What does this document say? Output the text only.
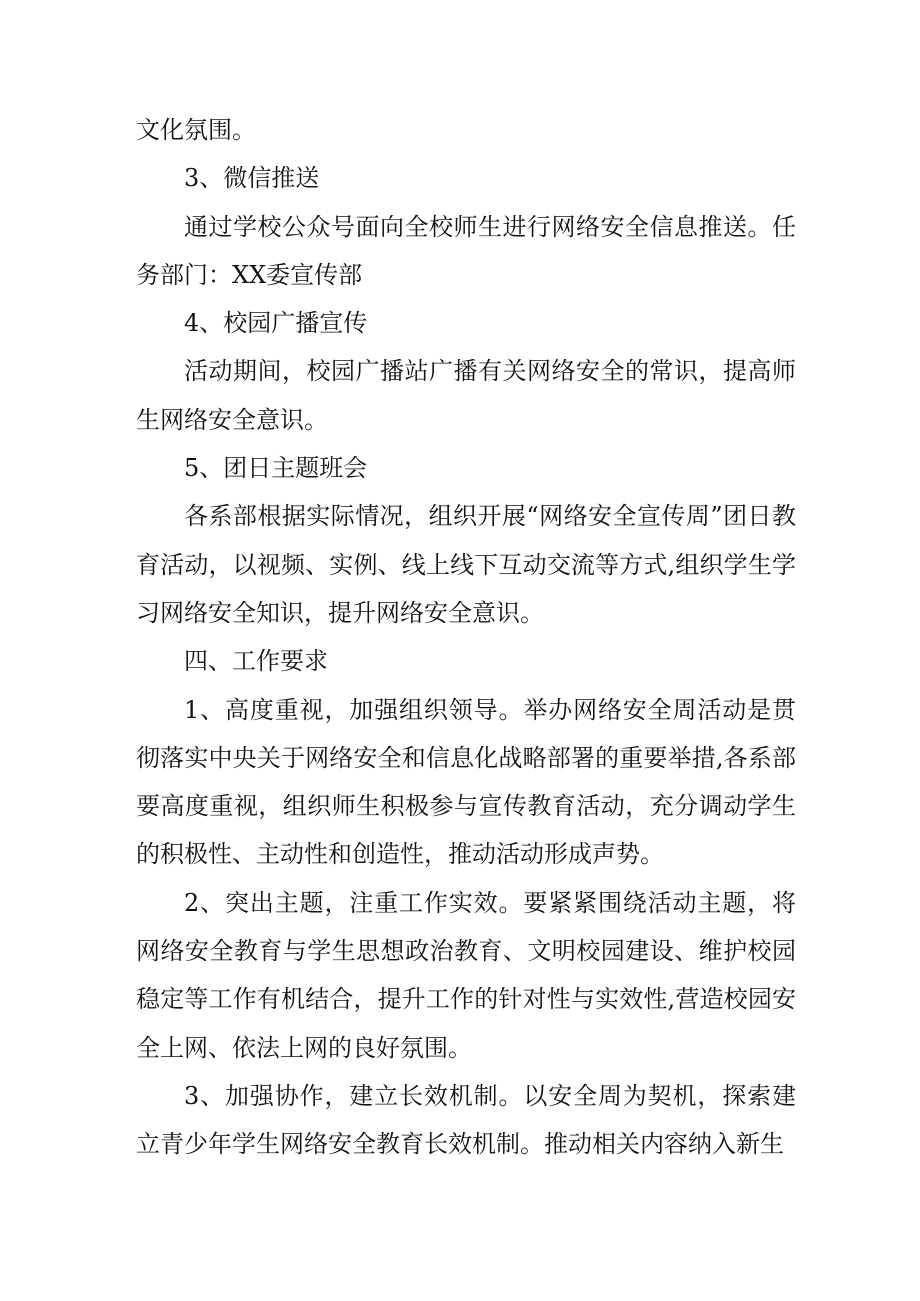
文化氛围。

3、微信推送

通过学校公众号面向全校师生进行网络安全信息推送。任务部门：XX委宣传部

4、校园广播宣传

活动期间，校园广播站广播有关网络安全的常识，提高师生网络安全意识。

5、团日主题班会

各系部根据实际情况，组织开展“网络安全宣传周”团日教育活动，以视频、实例、线上线下互动交流等方式,组织学生学习网络安全知识，提升网络安全意识。

四、工作要求

1、高度重视，加强组织领导。举办网络安全周活动是贯彻落实中央关于网络安全和信息化战略部署的重要举措,各系部要高度重视，组织师生积极参与宣传教育活动，充分调动学生的积极性、主动性和创造性，推动活动形成声势。

2、突出主题，注重工作实效。要紧紧围绕活动主题，将网络安全教育与学生思想政治教育、文明校园建设、维护校园稳定等工作有机结合，提升工作的针对性与实效性,营造校园安全上网、依法上网的良好氛围。

3、加强协作，建立长效机制。以安全周为契机，探索建立青少年学生网络安全教育长效机制。推动相关内容纳入新生
